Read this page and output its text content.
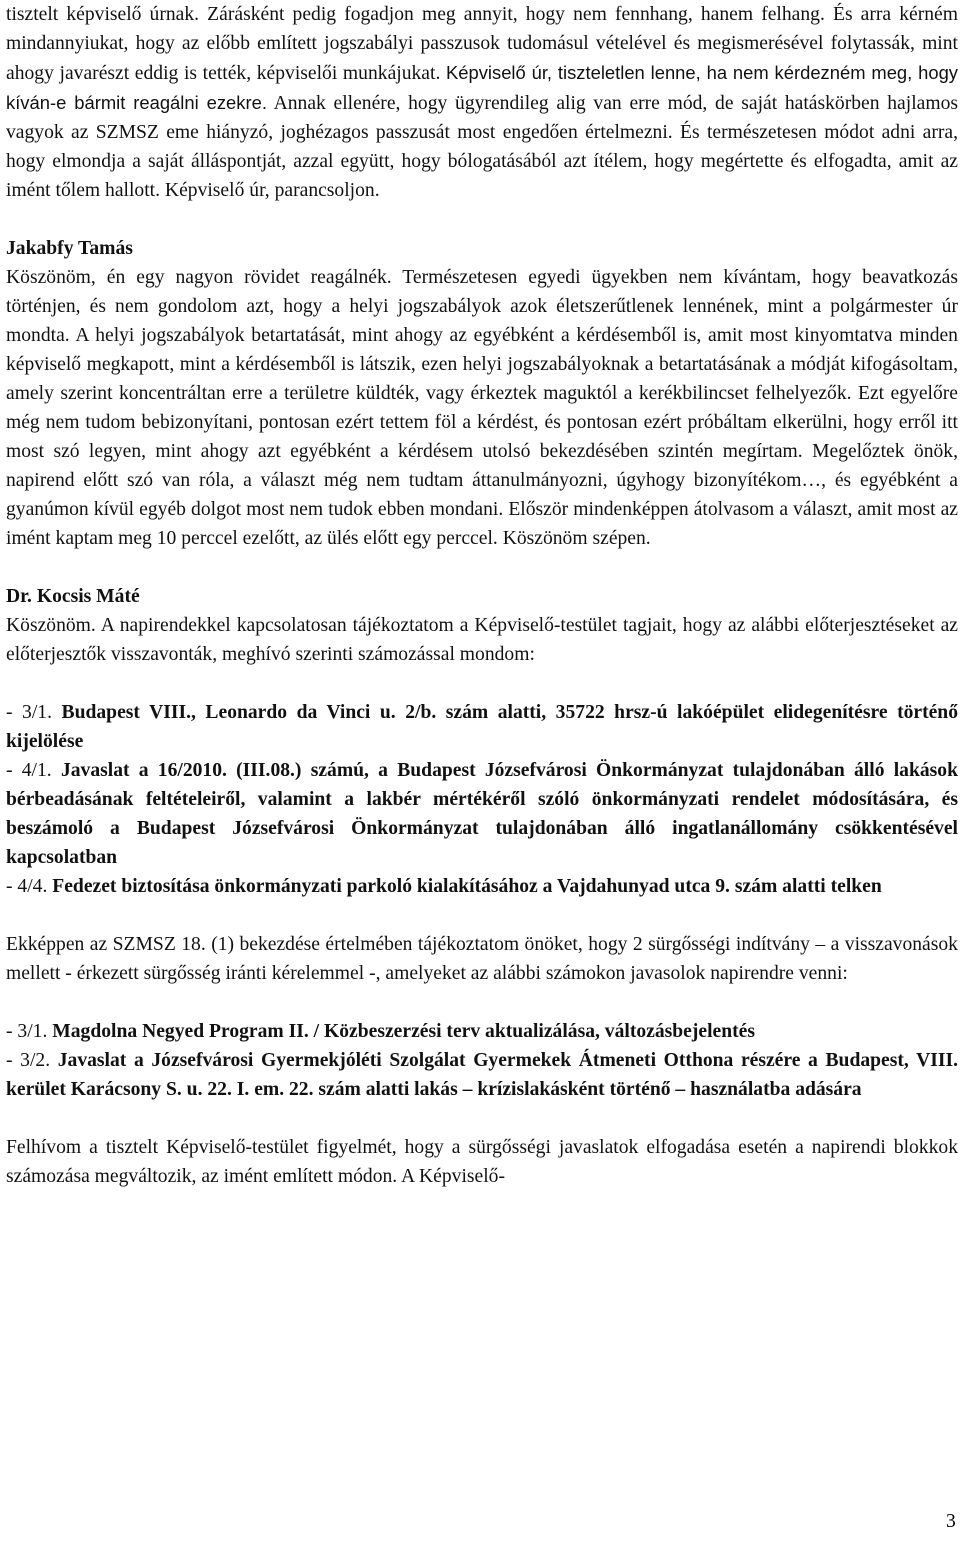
tisztelt képviselő úrnak. Zárásként pedig fogadjon meg annyit, hogy nem fennhang, hanem felhang. És arra kérném mindannyiukat, hogy az előbb említett jogszabályi passzusok tudomásul vételével és megismerésével folytassák, mint ahogy javarészt eddig is tették, képviselői munkájukat. Képviselő úr, tiszteletlen lenne, ha nem kérdezném meg, hogy kíván-e bármit reagálni ezekre. Annak ellenére, hogy ügyrendileg alig van erre mód, de saját hatáskörben hajlamos vagyok az SZMSZ eme hiányzó, joghézagos passzusát most engedően értelmezni. És természetesen módot adni arra, hogy elmondja a saját álláspontját, azzal együtt, hogy bólogatásából azt ítélem, hogy megértette és elfogadta, amit az imént tőlem hallott. Képviselő úr, parancsoljon.

Jakabfy Tamás

Köszönöm, én egy nagyon rövidet reagálnék. Természetesen egyedi ügyekben nem kívántam, hogy beavatkozás történjen, és nem gondolom azt, hogy a helyi jogszabályok azok életszerűtlenek lennének, mint a polgármester úr mondta. A helyi jogszabályok betartatását, mint ahogy az egyébként a kérdésemből is, amit most kinyomtatva minden képviselő megkapott, mint a kérdésemből is látszik, ezen helyi jogszabályoknak a betartatásának a módját kifogásoltam, amely szerint koncentráltan erre a területre küldték, vagy érkeztek maguktól a kerékbilincset felhelyezők. Ezt egyelőre még nem tudom bebizonyítani, pontosan ezért tettem föl a kérdést, és pontosan ezért próbáltam elkerülni, hogy erről itt most szó legyen, mint ahogy azt egyébként a kérdésem utolsó bekezdésében szintén megírtam. Megelőztek önök, napirend előtt szó van róla, a választ még nem tudtam áttanulmányozni, úgyhogy bizonyítékom…, és egyébként a gyanúmon kívül egyéb dolgot most nem tudok ebben mondani. Először mindenképpen átolvasom a választ, amit most az imént kaptam meg 10 perccel ezelőtt, az ülés előtt egy perccel. Köszönöm szépen.

Dr. Kocsis Máté

Köszönöm. A napirendekkel kapcsolatosan tájékoztatom a Képviselő-testület tagjait, hogy az alábbi előterjesztéseket az előterjesztők visszavonták, meghívó szerinti számozással mondom:

- 3/1. Budapest VIII., Leonardo da Vinci u. 2/b. szám alatti, 35722 hrsz-ú lakóépület elidegenítésre történő kijelölése

- 4/1. Javaslat a 16/2010. (III.08.) számú, a Budapest Józsefvárosi Önkormányzat tulajdonában álló lakások bérbeadásának feltételeiről, valamint a lakbér mértékéről szóló önkormányzati rendelet módosítására, és beszámoló a Budapest Józsefvárosi Önkormányzat tulajdonában álló ingatlanállomány csökkentésével kapcsolatban

- 4/4. Fedezet biztosítása önkormányzati parkoló kialakításához a Vajdahunyad utca 9. szám alatti telken

Ekképpen az SZMSZ 18. (1) bekezdése értelmében tájékoztatom önöket, hogy 2 sürgősségi indítvány – a visszavonások mellett - érkezett sürgősség iránti kérelemmel -, amelyeket az alábbi számokon javasolok napirendre venni:

- 3/1. Magdolna Negyed Program II. / Közbeszerzési terv aktualizálása, változásbejelentés

- 3/2. Javaslat a Józsefvárosi Gyermekjóléti Szolgálat Gyermekek Átmeneti Otthona részére a Budapest, VIII. kerület Karácsony S. u. 22. I. em. 22. szám alatti lakás – krízislakásként történő – használatba adására

Felhívom a tisztelt Képviselő-testület figyelmét, hogy a sürgősségi javaslatok elfogadása esetén a napirendi blokkok számozása megváltozik, az imént említett módon. A Képviselő-

3
